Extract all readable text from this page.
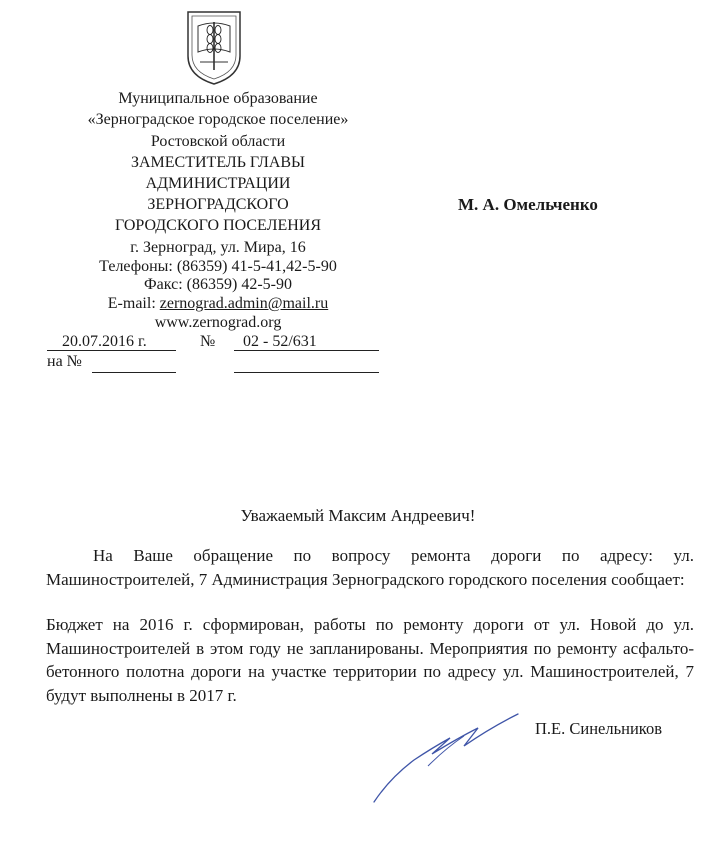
Муниципальное образование
«Зерноградское городское поселение»
Ростовской области
ЗАМЕСТИТЕЛЬ ГЛАВЫ
АДМИНИСТРАЦИИ
ЗЕРНОГРАДСКОГО
ГОРОДСКОГО ПОСЕЛЕНИЯ
г. Зерноград, ул. Мира, 16
Телефоны: (86359) 41-5-41,42-5-90
Факс: (86359) 42-5-90
E-mail: zernograd.admin@mail.ru
www.zernograd.org
М. А. Омельченко
20.07.2016 г.	№ 02 - 52/631
на №
Уважаемый Максим Андреевич!

На Ваше обращение по вопросу ремонта дороги по адресу: ул. Машиностроителей, 7 Администрация Зерноградского городского поселения сообщает:

Бюджет на 2016 г. сформирован, работы по ремонту дороги от ул. Новой до ул. Машиностроителей в этом году не запланированы. Мероприятия по ремонту асфальто-бетонного полотна дороги на участке территории по адресу ул. Машиностроителей, 7 будут выполнены в 2017 г.

П.Е. Синельников
